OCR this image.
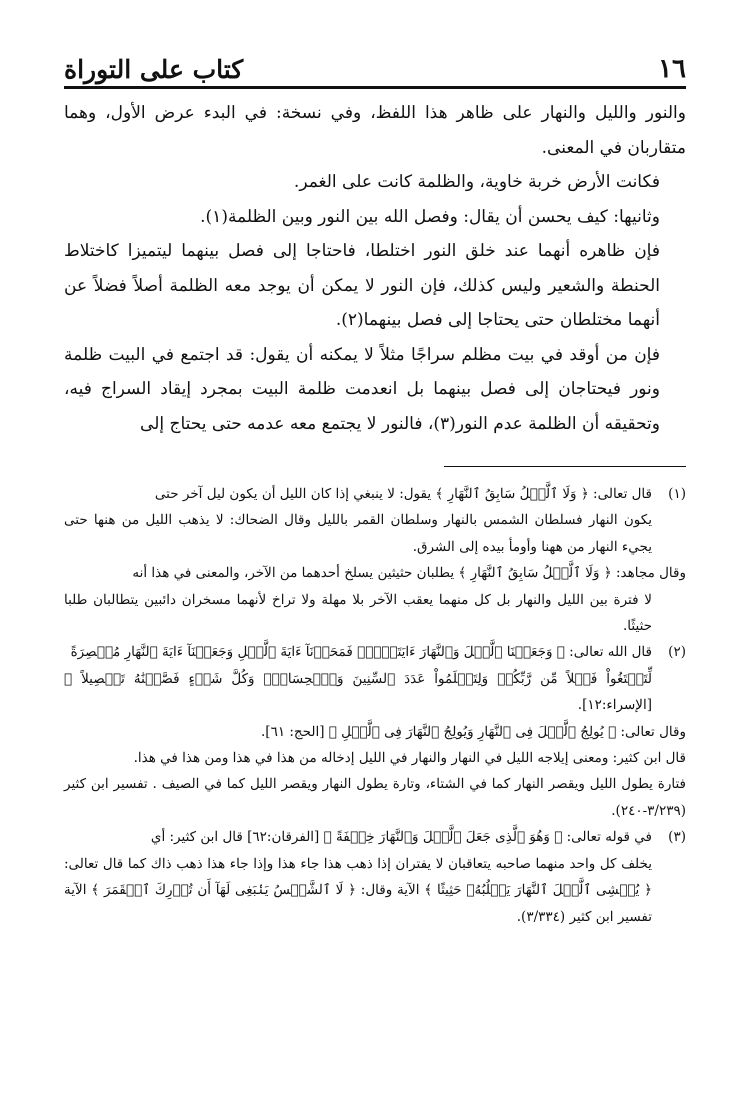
١٦
كتاب على التوراة

والنور والليل والنهار على ظاهر هذا اللفظ، وفي نسخة: في البدء عرض الأول، وهما متقاربان في المعنى.

فكانت الأرض خربة خاوية، والظلمة كانت على الغمر.

وثانيها: كيف يحسن أن يقال: وفصل الله بين النور وبين الظلمة(١).

فإن ظاهره أنهما عند خلق النور اختلطا، فاحتاجا إلى فصل بينهما ليتميزا كاختلاط الحنطة والشعير وليس كذلك، فإن النور لا يمكن أن يوجد معه الظلمة أصلاً فضلاً عن أنهما مختلطان حتى يحتاجا إلى فصل بينهما(٢).

فإن من أوقد في بيت مظلم سراجًا مثلاً لا يمكنه أن يقول: قد اجتمع في البيت ظلمة ونور فيحتاجان إلى فصل بينهما بل انعدمت ظلمة البيت بمجرد إيقاد السراج فيه، وتحقيقه أن الظلمة عدم النور(٣)، فالنور لا يجتمع معه عدمه حتى يحتاج إلى

(١)
قال تعالى: ﴿ وَلَا ٱلَّيۡلُ سَابِقُ ٱلنَّهَارِ ﴾ يقول: لا ينبغي إذا كان الليل أن يكون ليل آخر حتى

يكون النهار فسلطان الشمس بالنهار وسلطان القمر بالليل وقال الضحاك: لا يذهب الليل من هنها حتى يجيء النهار من ههنا وأومأ بيده إلى الشرق.

وقال مجاهد: ﴿ وَلَا ٱلَّيۡلُ سَابِقُ ٱلنَّهَارِ ﴾ يطلبان حثيثين يسلخ أحدهما من الآخر، والمعنى في هذا أنه

لا فترة بين الليل والنهار بل كل منهما يعقب الآخر بلا مهلة ولا تراخ لأنهما مسخران دائبين يتطالبان طلبا حثيثًا.

(٢)
قال الله تعالى: ﴿ وَجَعَلۡنَا ٱلَّيۡلَ وَٱلنَّهَارَ ءَايَتَيۡنِۖ فَمَحَوۡنَآ ءَايَةَ ٱلَّيۡلِ وَجَعَلۡنَآ ءَايَةَ ٱلنَّهَارِ مُبۡصِرَةً

لِّتَبۡتَغُواْ فَضۡلاً مِّن رَّبِّكُمۡ وَلِتَعۡلَمُواْ عَدَدَ ٱلسِّنِينَ وَٱلۡحِسَابَۚ وَكُلَّ شَيۡءٍ فَصَّلۡنَٰهُ تَفۡصِيلاً ﴾ [الإسراء:١٢].

وقال تعالى: ﴿ يُولِجُ ٱلَّيۡلَ فِى ٱلنَّهَارِ وَيُولِجُ ٱلنَّهَارَ فِى ٱلَّيۡلِ ﴾ [الحج: ٦١].

قال ابن كثير: ومعنى إيلاجه الليل في النهار والنهار في الليل إدخاله من هذا في هذا ومن هذا في هذا.

فتارة يطول الليل ويقصر النهار كما في الشتاء، وتارة يطول النهار ويقصر الليل كما في الصيف . تفسير ابن كثير (٣/٢٣٩-٢٤٠).

(٣)
في قوله تعالى: ﴿ وَهُوَ ٱلَّذِى جَعَلَ ٱلَّيۡلَ وَٱلنَّهَارَ خِلۡفَةً ﴾ [الفرقان:٦٢] قال ابن كثير: أي

يخلف كل واحد منهما صاحبه يتعاقبان لا يفتران إذا ذهب هذا جاء هذا وإذا جاء هذا ذهب ذاك كما قال تعالى: ﴿ يُغۡشِى ٱلَّيۡلَ ٱلنَّهَارَ يَطۡلُبُهُۥ حَثِيثًا ﴾ الآية وقال: ﴿ لَا ٱلشَّمۡسُ يَنۢبَغِى لَهَآ أَن تُدۡرِكَ ٱلۡقَمَرَ ﴾ الآية تفسير ابن كثير (٣/٣٣٤).
